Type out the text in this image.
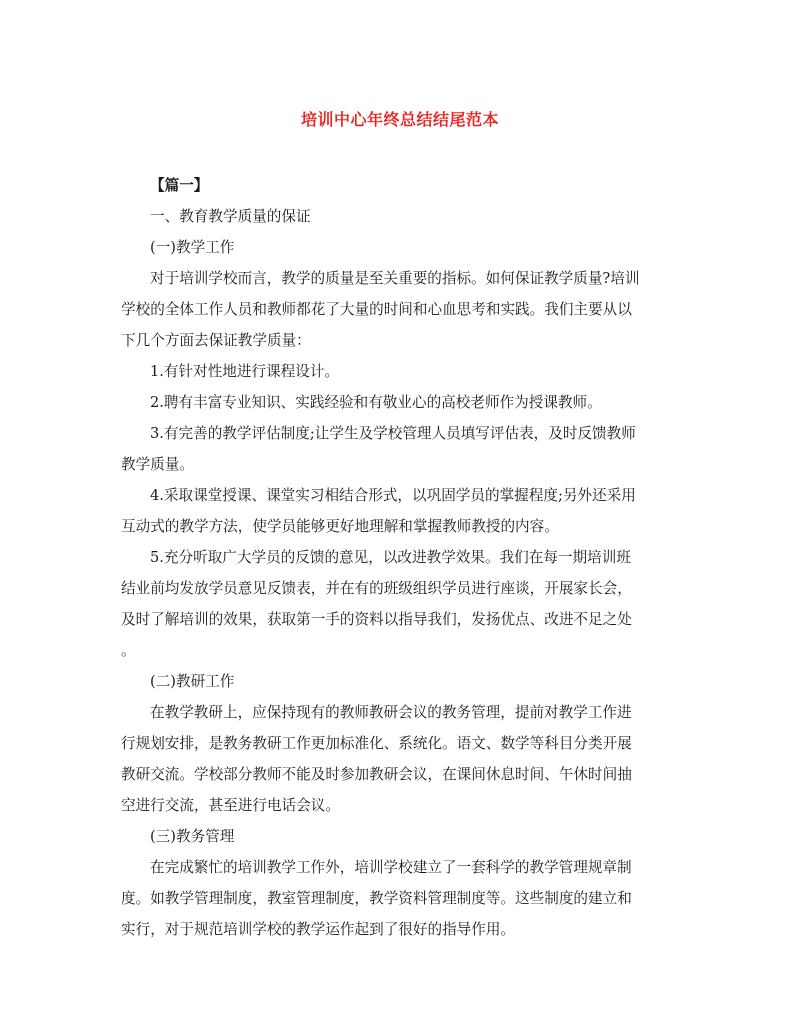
培训中心年终总结结尾范本
【篇一】
一、教育教学质量的保证
(一)教学工作
对于培训学校而言，教学的质量是至关重要的指标。如何保证教学质量?培训
学校的全体工作人员和教师都花了大量的时间和心血思考和实践。我们主要从以
下几个方面去保证教学质量：
1.有针对性地进行课程设计。
2.聘有丰富专业知识、实践经验和有敬业心的高校老师作为授课教师。
3.有完善的教学评估制度;让学生及学校管理人员填写评估表，及时反馈教师
教学质量。
4.采取课堂授课、课堂实习相结合形式，以巩固学员的掌握程度;另外还采用
互动式的教学方法，使学员能够更好地理解和掌握教师教授的内容。
5.充分听取广大学员的反馈的意见，以改进教学效果。我们在每一期培训班
结业前均发放学员意见反馈表，并在有的班级组织学员进行座谈，开展家长会，
及时了解培训的效果，获取第一手的资料以指导我们，发扬优点、改进不足之处
。
(二)教研工作
在教学教研上，应保持现有的教师教研会议的教务管理，提前对教学工作进
行规划安排，是教务教研工作更加标准化、系统化。语文、数学等科目分类开展
教研交流。学校部分教师不能及时参加教研会议，在课间休息时间、午休时间抽
空进行交流，甚至进行电话会议。
(三)教务管理
在完成繁忙的培训教学工作外，培训学校建立了一套科学的教学管理规章制
度。如教学管理制度，教室管理制度，教学资料管理制度等。这些制度的建立和
实行，对于规范培训学校的教学运作起到了很好的指导作用。
